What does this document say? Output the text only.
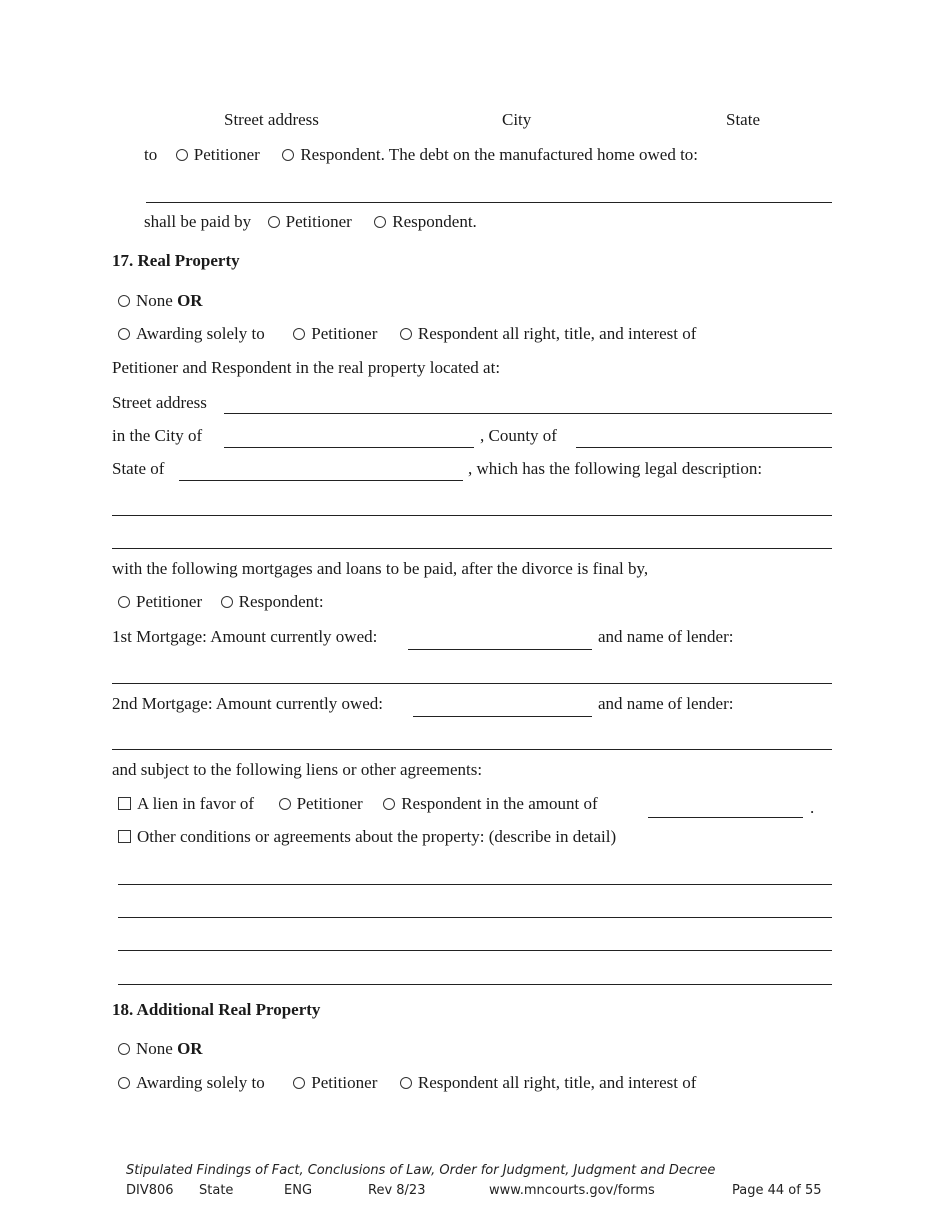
Street address	City	State
to Petitioner Respondent. The debt on the manufactured home owed to:
shall be paid by Petitioner Respondent.
17. Real Property
None OR
Awarding solely to	Petitioner Respondent all right, title, and interest of
Petitioner and Respondent in the real property located at:
Street address
in the City of	, County of
State of	, which has the following legal description:
with the following mortgages and loans to be paid, after the divorce is final by,
Petitioner Respondent:
1st Mortgage: Amount currently owed:	and name of lender:
2nd Mortgage: Amount currently owed:	and name of lender:
and subject to the following liens or other agreements:
A lien in favor of	Petitioner Respondent in the amount of	.
Other conditions or agreements about the property: (describe in detail)
18. Additional Real Property
None OR
Awarding solely to	Petitioner Respondent all right, title, and interest of
Stipulated Findings of Fact, Conclusions of Law, Order for Judgment, Judgment and Decree
DIV806 State	ENG	Rev 8/23	www.mncourts.gov/forms	Page 44 of 55
